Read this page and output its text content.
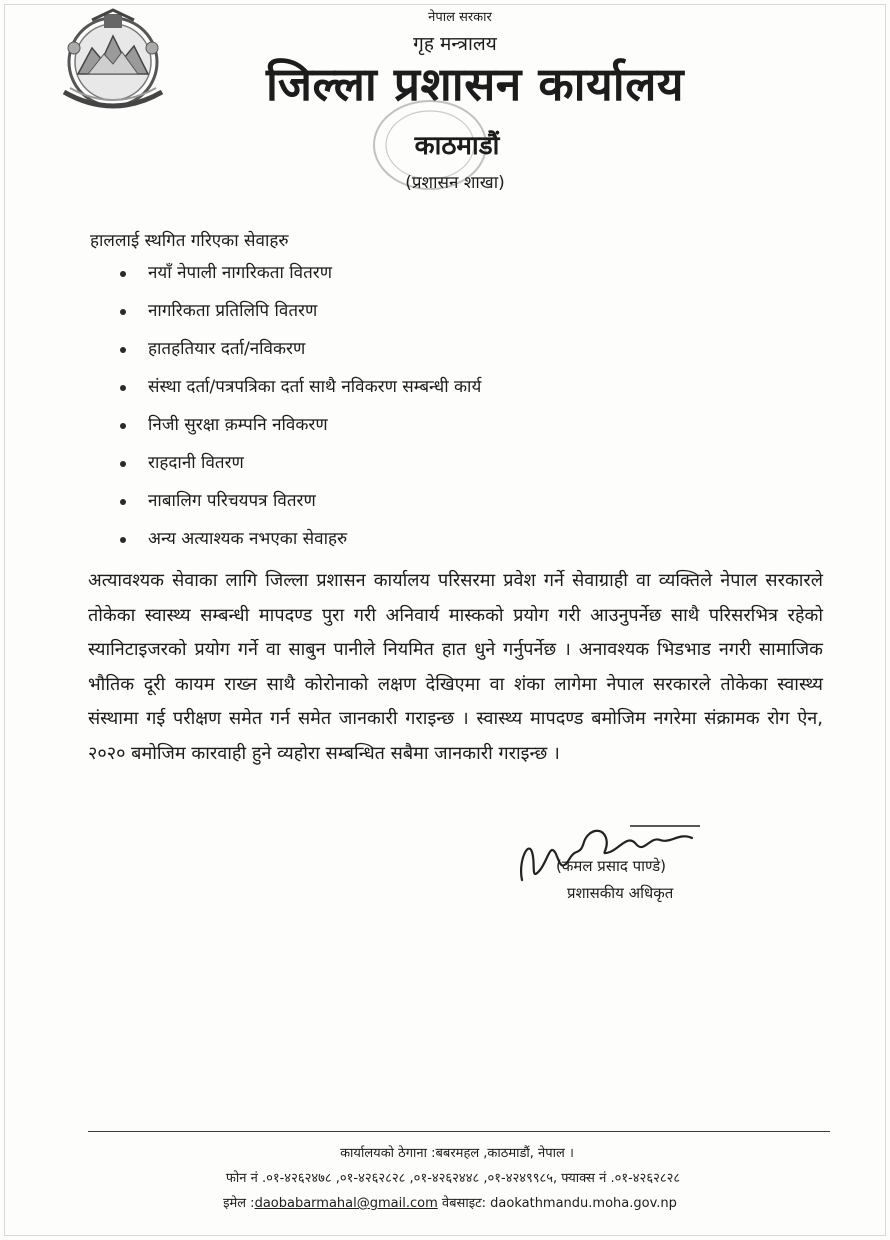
नेपाल सरकार
गृह मन्त्रालय
जिल्ला प्रशासन कार्यालय
काठमाडौं
(प्रशासन शाखा)
हाललाई स्थगित गरिएका सेवाहरु
नयाँ नेपाली नागरिकता वितरण
नागरिकता प्रतिलिपि वितरण
हातहतियार दर्ता/नविकरण
संस्था दर्ता/पत्रपत्रिका दर्ता साथै नविकरण सम्बन्धी कार्य
निजी सुरक्षा क़म्पनि नविकरण
राहदानी वितरण
नाबालिग परिचयपत्र वितरण
अन्य अत्याश्यक नभएका सेवाहरु

अत्यावश्यक सेवाका लागि जिल्ला प्रशासन कार्यालय परिसरमा प्रवेश गर्ने सेवाग्राही वा व्यक्तिले नेपाल सरकारले तोकेका स्वास्थ्य सम्बन्धी मापदण्ड पुरा गरी अनिवार्य मास्कको प्रयोग गरी आउनुपर्नेछ साथै परिसरभित्र रहेको स्यानिटाइजरको प्रयोग गर्ने वा साबुन पानीले नियमित हात धुने गर्नुपर्नेछ । अनावश्यक भिडभाड नगरी सामाजिक भौतिक दूरी कायम राख्न साथै कोरोनाको लक्षण देखिएमा वा शंका लागेमा नेपाल सरकारले तोकेका स्वास्थ्य संस्थामा गई परीक्षण समेत गर्न समेत जानकारी गराइन्छ । स्वास्थ्य मापदण्ड बमोजिम नगरेमा संक्रामक रोग ऐन, २०२० बमोजिम कारवाही हुने व्यहोरा सम्बन्धित सबैमा जानकारी गराइन्छ ।

(कमल प्रसाद पाण्डे)
प्रशासकीय अधिकृत
कार्यालयको ठेगाना :बबरमहल ,काठमाडौं, नेपाल ।
फोन नं .०१-४२६२४७८ ,०१-४२६२८२८ ,०१-४२६२४४८ ,०१-४२४९९८५, फ्याक्स नं .०१-४२६२८२८
इमेल :daobabarmahal@gmail.com वेबसाइट: daokathmandu.moha.gov.np
